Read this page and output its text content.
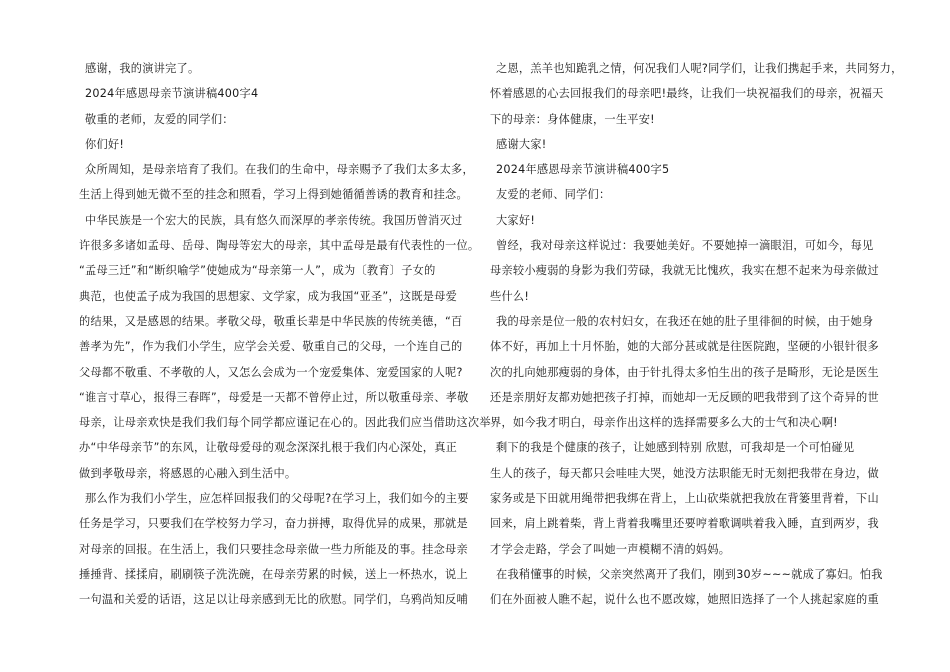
感谢，我的演讲完了。

2024年感恩母亲节演讲稿400字4

敬重的老师，友爱的同学们：

你们好!

众所周知，是母亲培育了我们。在我们的生命中，母亲赐予了我们太多太多，
生活上得到她无微不至的挂念和照看，学习上得到她循循善诱的教育和挂念。

中华民族是一个宏大的民族，具有悠久而深厚的孝亲传统。我国历曾消灭过
许很多多诸如孟母、岳母、陶母等宏大的母亲，其中孟母是最有代表性的一位。
“孟母三迁”和“断织喻学”使她成为“母亲第一人”，成为〔教育〕子女的
典范，也使孟子成为我国的思想家、文学家，成为我国“亚圣”，这既是母爱
的结果，又是感恩的结果。孝敬父母，敬重长辈是中华民族的传统美德，“百
善孝为先”，作为我们小学生，应学会关爱、敬重自己的父母，一个连自己的
父母都不敬重、不孝敬的人，又怎么会成为一个宠爱集体、宠爱国家的人呢?
“谁言寸草心，报得三春晖”，母爱是一天都不曾停止过，所以敬重母亲、孝敬
母亲，让母亲欢快是我们我们每个同学都应谨记在心的。因此我们应当借助这次举
办“中华母亲节”的东风，让敬母爱母的观念深深扎根于我们内心深处，真正
做到孝敬母亲，将感恩的心融入到生活中。

那么作为我们小学生，应怎样回报我们的父母呢?在学习上，我们如今的主要
任务是学习，只要我们在学校努力学习，奋力拼搏，取得优异的成果，那就是
对母亲的回报。在生活上，我们只要挂念母亲做一些力所能及的事。挂念母亲
捶捶背、揉揉肩，刷刷筷子洗洗碗，在母亲劳累的时候，送上一杯热水，说上
一句温和关爱的话语，这足以让母亲感到无比的欣慰。同学们，乌鸦尚知反哺

之恩，羔羊也知跪乳之情，何况我们人呢?同学们，让我们携起手来，共同努力，
怀着感恩的心去回报我们的母亲吧!最终，让我们一块祝福我们的母亲，祝福天
下的母亲：身体健康，一生平安!

感谢大家!

2024年感恩母亲节演讲稿400字5

友爱的老师、同学们：

大家好!

曾经，我对母亲这样说过：我要她美好。不要她掉一滴眼泪，可如今，每见
母亲较小瘦弱的身影为我们劳碌，我就无比愧疚，我实在想不起来为母亲做过
些什么!

我的母亲是位一般的农村妇女，在我还在她的肚子里徘徊的时候，由于她身
体不好，再加上十月怀胎，她的大部分甚或就是往医院跑，坚硬的小银针很多
次的扎向她那瘦弱的身体，由于针扎得太多怕生出的孩子是畸形，无论是医生
还是亲朋好友都劝她把孩子打掉，而她却一无反顾的吧我带到了这个奇异的世
界，如今我才明白，母亲作出这样的选择需要多么大的士气和决心啊!

剩下的我是个健康的孩子，让她感到特别 欣慰，可我却是一个可怕碰见
生人的孩子，每天都只会哇哇大哭，她没方法职能无时无刻把我带在身边，做
家务或是下田就用绳带把我绑在背上，上山砍柴就把我放在背篓里背着，下山
回来，肩上跳着柴，背上背着我嘴里还要哼着歌调哄着我入睡，直到两岁，我
才学会走路，学会了叫她一声模糊不清的妈妈。

在我稍懂事的时候，父亲突然离开了我们，刚到30岁~~~就成了寡妇。怕我
们在外面被人瞧不起，说什么也不愿改嫁，她照旧选择了一个人挑起家庭的重
